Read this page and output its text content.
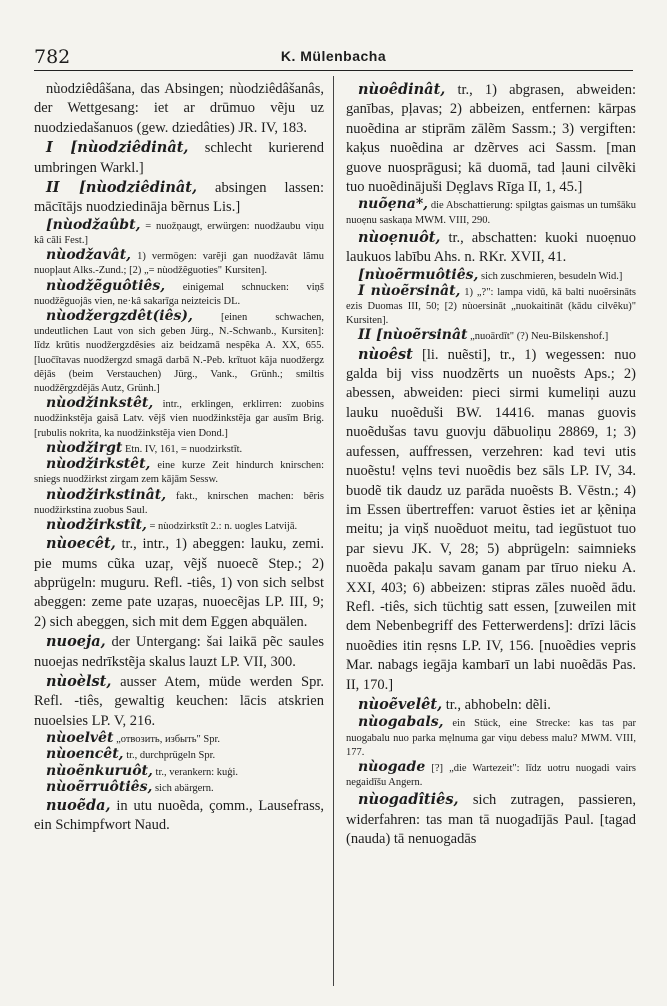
782	K. Mülenbacha

nùodziêdâšana, das Absingen; nùodziêdâšanâs, der Wettgesang: iet ar drūmuo vẽju uz nuodziedašanuos (gew. dziedâties) JR. IV, 183.

I [nùodziêdinât, schlecht kurierend umbringen Warkl.]

II [nùodziêdinât, absingen lassen: mācītājs nuodziedināja bẽrnus Lis.]

[nùodžaûbt, = nuožņaugt, erwürgen: nuodžaubu viņu kâ cāli Fest.]

nùodžavât, 1) vermögen: varẽji gan nuodžavât lãmu nuopļaut Alks.-Zund.; [2) „= nùodžẽguoties" Kursiten].

nùodžẽguôtiês, einigemal schnucken: viņš nuodžẽguojâs vien, ne·kâ sakarīga neizteicis DL.

nùodžergzdêt(iês),	[einen schwachen, undeutlichen Laut von sich geben Jürg., N.-Schwanb., Kursiten]: līdz krūtis nuodžergzdẽsies aiz beidzamā nespẽka A. XX, 655. [luoc̄ītavas nuodžergzd smagā darbā N.-Peb. krītuot kãja nuodžergz dẽjās (beim Verstauchen) Jürg., Vank., Grünh.; smiltis nuodžẽrgzdẽjās Autz, Grünh.]

nùodžinkstêt, intr., erklingen, erklirren: zuobins nuodžinkstẽja gaisā Latv. vẽjš vien nuodžinkstẽja gar ausīm Brig. [rubulis nokrita, ka nuodžinkstẽja vien Dond.]

nùodžirgt Etn. IV, 161, = nuodzirkstīt.

nùodžirkstêt, eine kurze Zeit hindurch knirschen: sniegs nuodžirkst zirgam zem kājām Sessw.

nùodžirkstinât, fakt., knirschen machen: bẽris nuodžirkstina zuobus Saul.

nùodžirkstît, = nùodzirkstīt 2.: n. uogles Latvijā.

nùoecêt, tr., intr., 1) abeggen: lauku, zemi. pie mums cũka uzaŗ, vẽjš nuoecẽ Step.; 2) abprügeln: muguru. Refl. -tiês, 1) von sich selbst abeggen: zeme pate uzaŗas, nuoecẽjas LP. III, 9; 2) sich abeggen, sich mit dem Eggen abquälen.

nuoeja, der Untergang: šai laikā pẽc saules nuoejas nedrīkstẽja skalus lauzt LP. VII, 300.

nùoèlst, ausser Atem, müde werden Spr. Refl. -tiês, gewaltig keuchen: lācis atskrien nuoelsies LP. V, 216.

nùoelvêt „отвозить, избыть" Spr.

nùoencêt, tr., durchprügeln Spr.

nùoẽnkuruôt, tr., verankern: kuģi.

nùoẽrruôtiês, sich abärgern.

nuoẽda, in utu nuoẽda, çomm., Lausefrass, ein Schimpfwort Naud.

nùoêdinât, tr., 1) abgrasen, abweiden: ganības, pļavas; 2) abbeizen, entfernen: kārpas nuoẽdina ar stiprām zālẽm Sassm.; 3) vergiften: kaķus nuoẽdina ar dzẽrves aci Sassm. [man guove nuosprāgusi; kā duomā, tad ļauni cilvẽki tuo nuoẽdinājuši Dẹglavs Rīga II, 1, 45.]

nuõẹna*, die Abschattierung: spilgtas gaismas un tumšāku nuoẹnu saskaņa MWM. VIII, 290.

nùoẹnuôt, tr., abschatten: kuoki nuoẹnuo laukuos labību Ahs. n. RKr. XVII, 41.

[nùoẽrmuôtiês, sich zuschmieren, besudeln Wid.]

I nùoẽrsinât, 1) „?": lampa vidū, kā balti nuoẽrsināts ezis Duomas III, 50; [2) nùoersināt „nuokaitināt (kādu cilvẽku)" Kursiten].

II [nùoẽrsinât „nuoārdīt" (?) Neu-Bilskenshof.]

nùoêst [li. nuẽsti], tr., 1) wegessen: nuo galda bij viss nuodzẽrts un nuoẽsts Aps.; 2) abessen, abweiden: pieci sirmi kumeliņi auzu lauku nuoẽduši BW. 14416. manas guovis nuoẽdušas tavu guovju dābuoliņu 28869, 1; 3) aufessen, auffressen, verzehren: kad tevi utis nuoẽstu! vẹlns tevi nuoẽdis bez sāls LP. IV, 34. buodẽ tik daudz uz parāda nuoẽsts B. Vēstn.; 4) im Essen übertreffen: varuot ẽsties iet ar ķẽniņa meitu; ja viņš nuoẽduot meitu, tad iegūstuot tuo par sievu JK. V, 28; 5) abprügeln: saimnieks nuoẽda pakaļu savam ganam par tīruo nieku A. XXI, 403; 6) abbeizen: stipras zāles nuoẽd ādu. Refl. -tiês, sich tüchtig satt essen, [zuweilen mit dem Nebenbegriff des Fetterwerdens]: drīzi lācis nuoẽdies itin rẹsns LP. IV, 156. [nuoẽdies vepris Mar. nabags iegāja kambarī un labi nuoẽdās Pas. II, 170.]

nùoẽvelêt, tr., abhobeln: dẽli.

nùogabals, ein Stück, eine Strecke: kas tas par nuogabalu nuo parka mẹlnuma gar viņu debess malu? MWM. VIII, 177.

nùogade [?] „die Wartezeit": līdz uotru nuogadi vairs negaidīšu Angern.

nùogadîtiês, sich zutragen, passieren, widerfahren: tas man tā nuogadījās Paul. [tagad (nauda) tā nenuogadās
